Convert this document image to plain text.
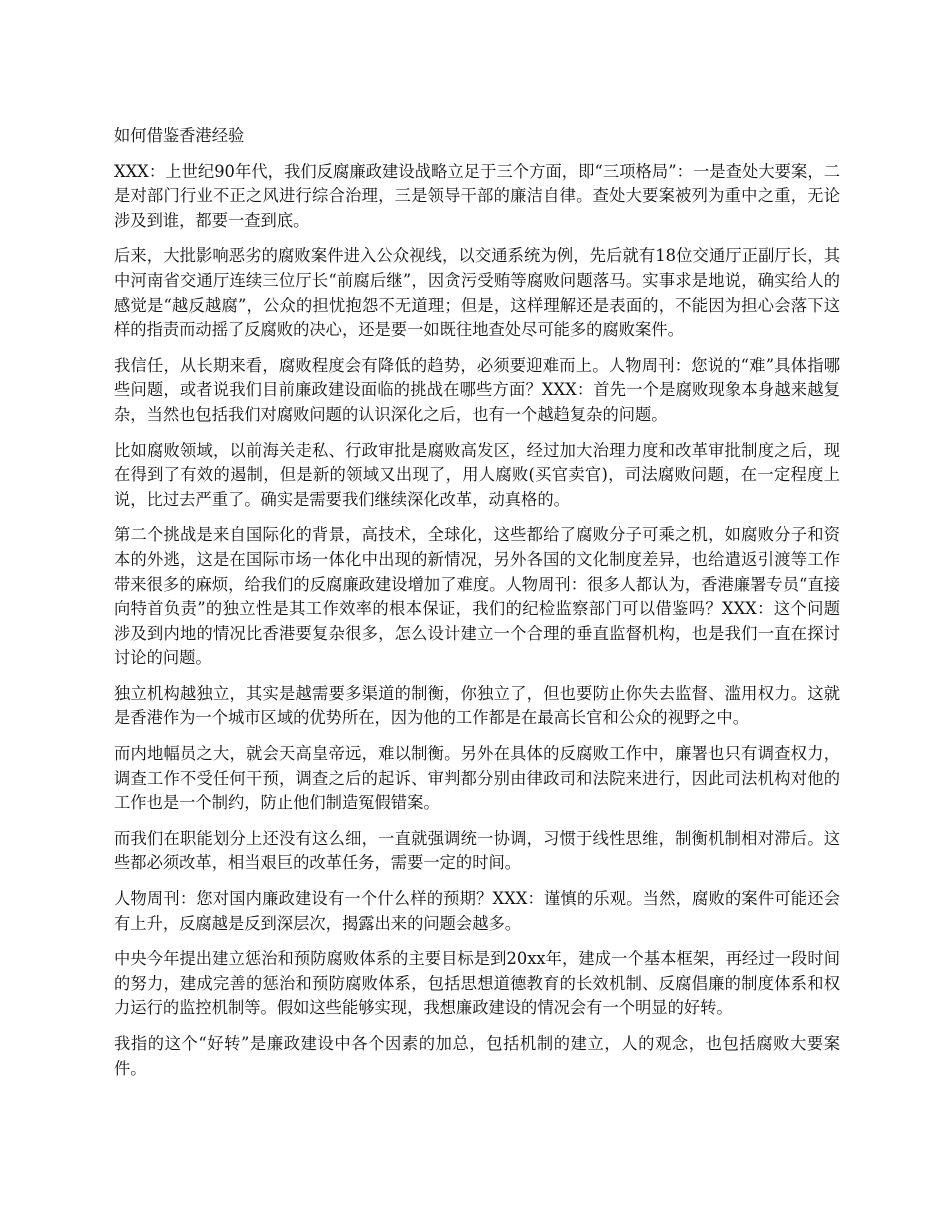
如何借鉴香港经验

XXX：上世纪90年代，我们反腐廉政建设战略立足于三个方面，即“三项格局”：一是查处大要案，二是对部门行业不正之风进行综合治理，三是领导干部的廉洁自律。查处大要案被列为重中之重，无论涉及到谁，都要一查到底。

后来，大批影响恶劣的腐败案件进入公众视线，以交通系统为例，先后就有18位交通厅正副厅长，其中河南省交通厅连续三位厅长“前腐后继”，因贪污受贿等腐败问题落马。实事求是地说，确实给人的感觉是“越反越腐”，公众的担忧抱怨不无道理；但是，这样理解还是表面的，不能因为担心会落下这样的指责而动摇了反腐败的决心，还是要一如既往地查处尽可能多的腐败案件。

我信任，从长期来看，腐败程度会有降低的趋势，必须要迎难而上。人物周刊：您说的“难”具体指哪些问题，或者说我们目前廉政建设面临的挑战在哪些方面？XXX：首先一个是腐败现象本身越来越复杂，当然也包括我们对腐败问题的认识深化之后，也有一个越趋复杂的问题。

比如腐败领域，以前海关走私、行政审批是腐败高发区，经过加大治理力度和改革审批制度之后，现在得到了有效的遏制，但是新的领域又出现了，用人腐败(买官卖官)，司法腐败问题，在一定程度上说，比过去严重了。确实是需要我们继续深化改革，动真格的。

第二个挑战是来自国际化的背景，高技术，全球化，这些都给了腐败分子可乘之机，如腐败分子和资本的外逃，这是在国际市场一体化中出现的新情况，另外各国的文化制度差异，也给遣返引渡等工作带来很多的麻烦，给我们的反腐廉政建设增加了难度。人物周刊：很多人都认为，香港廉署专员“直接向特首负责”的独立性是其工作效率的根本保证，我们的纪检监察部门可以借鉴吗？XXX：这个问题涉及到内地的情况比香港要复杂很多，怎么设计建立一个合理的垂直监督机构，也是我们一直在探讨讨论的问题。

独立机构越独立，其实是越需要多渠道的制衡，你独立了，但也要防止你失去监督、滥用权力。这就是香港作为一个城市区域的优势所在，因为他的工作都是在最高长官和公众的视野之中。

而内地幅员之大，就会天高皇帝远，难以制衡。另外在具体的反腐败工作中，廉署也只有调查权力，调查工作不受任何干预，调查之后的起诉、审判都分别由律政司和法院来进行，因此司法机构对他的工作也是一个制约，防止他们制造冤假错案。

而我们在职能划分上还没有这么细，一直就强调统一协调，习惯于线性思维，制衡机制相对滞后。这些都必须改革，相当艰巨的改革任务，需要一定的时间。

人物周刊：您对国内廉政建设有一个什么样的预期？XXX：谨慎的乐观。当然，腐败的案件可能还会有上升，反腐越是反到深层次，揭露出来的问题会越多。

中央今年提出建立惩治和预防腐败体系的主要目标是到20xx年，建成一个基本框架，再经过一段时间的努力，建成完善的惩治和预防腐败体系，包括思想道德教育的长效机制、反腐倡廉的制度体系和权力运行的监控机制等。假如这些能够实现，我想廉政建设的情况会有一个明显的好转。

我指的这个“好转”是廉政建设中各个因素的加总，包括机制的建立，人的观念，也包括腐败大要案件。
